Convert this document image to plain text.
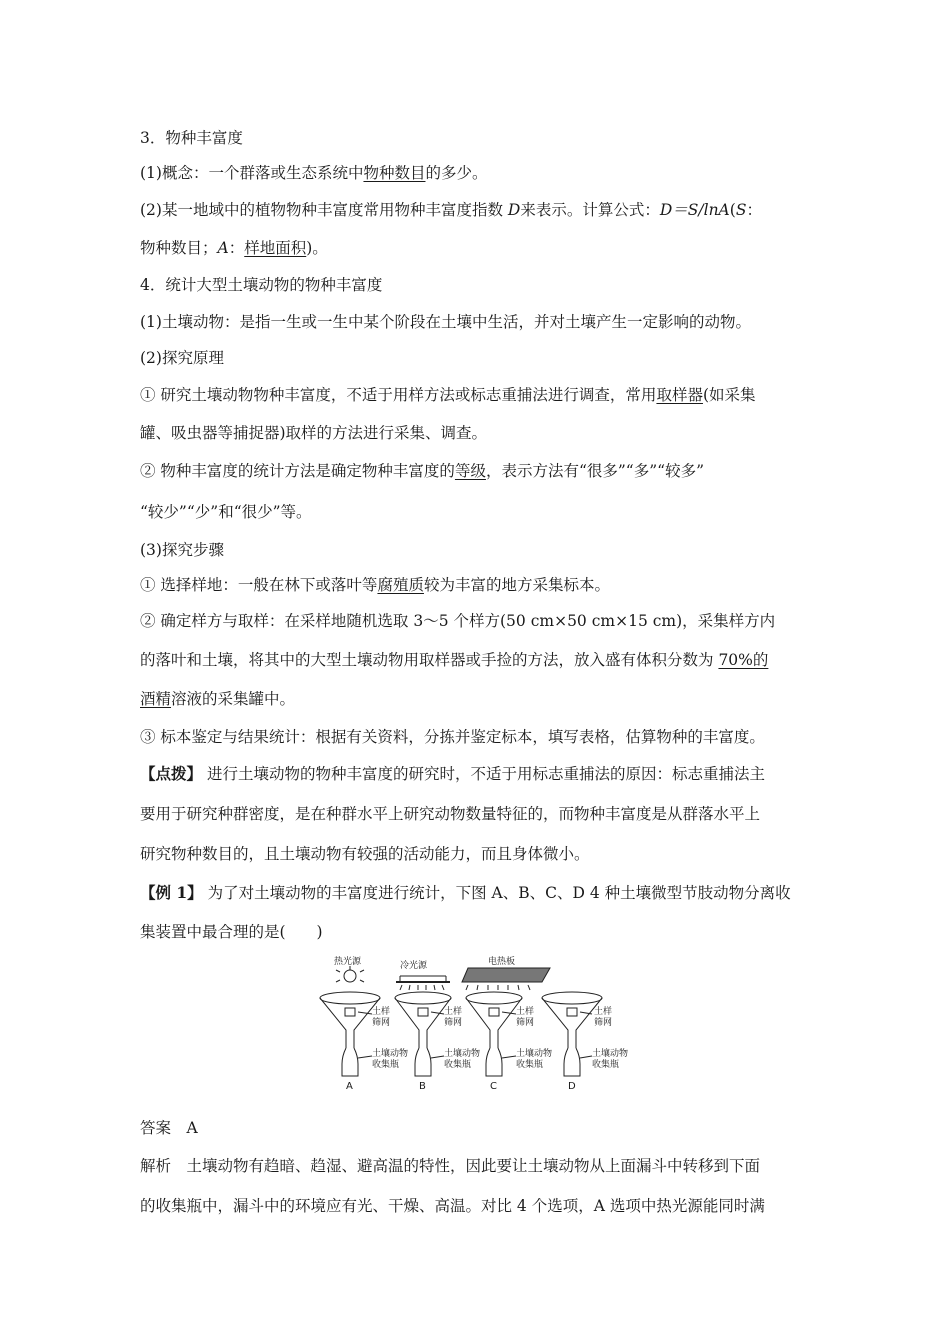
3．物种丰富度
(1)概念：一个群落或生态系统中物种数目的多少。
(2)某一地域中的植物物种丰富度常用物种丰富度指数 D来表示。计算公式：D＝S/lnA(S：
物种数目；A：样地面积)。
4．统计大型土壤动物的物种丰富度
(1)土壤动物：是指一生或一生中某个阶段在土壤中生活，并对土壤产生一定影响的动物。
(2)探究原理
① 研究土壤动物物种丰富度，不适于用样方法或标志重捕法进行调查，常用取样器(如采集
罐、吸虫器等捕捉器)取样的方法进行采集、调查。
② 物种丰富度的统计方法是确定物种丰富度的等级，表示方法有“很多”“多”“较多”
“较少”“少”和“很少”等。
(3)探究步骤
① 选择样地：一般在林下或落叶等腐殖质较为丰富的地方采集标本。
② 确定样方与取样：在采样地随机选取 3～5 个样方(50 cm×50 cm×15 cm)，采集样方内
的落叶和土壤，将其中的大型土壤动物用取样器或手捡的方法，放入盛有体积分数为 70%的
酒精溶液的采集罐中。
③ 标本鉴定与结果统计：根据有关资料，分拣并鉴定标本，填写表格，估算物种的丰富度。
【点拨】 进行土壤动物的物种丰富度的研究时，不适于用标志重捕法的原因：标志重捕法主
要用于研究种群密度，是在种群水平上研究动物数量特征的，而物种丰富度是从群落水平上
研究物种数目的，且土壤动物有较强的活动能力，而且身体微小。
【例 1】 为了对土壤动物的丰富度进行统计，下图 A、B、C、D 4 种土壤微型节肢动物分离收
集装置中最合理的是(　　)
热光源	冷光源	电热板
土样
筛网
土样
筛网
土样
筛网
土样
筛网
土壤动物
收集瓶
土壤动物
收集瓶
土壤动物
收集瓶
土壤动物
收集瓶
A	B	C	D
答案　 A
解析　 土壤动物有趋暗、趋湿、避高温的特性，因此要让土壤动物从上面漏斗中转移到下面
的收集瓶中，漏斗中的环境应有光、干燥、高温。对比 4 个选项，A 选项中热光源能同时满
